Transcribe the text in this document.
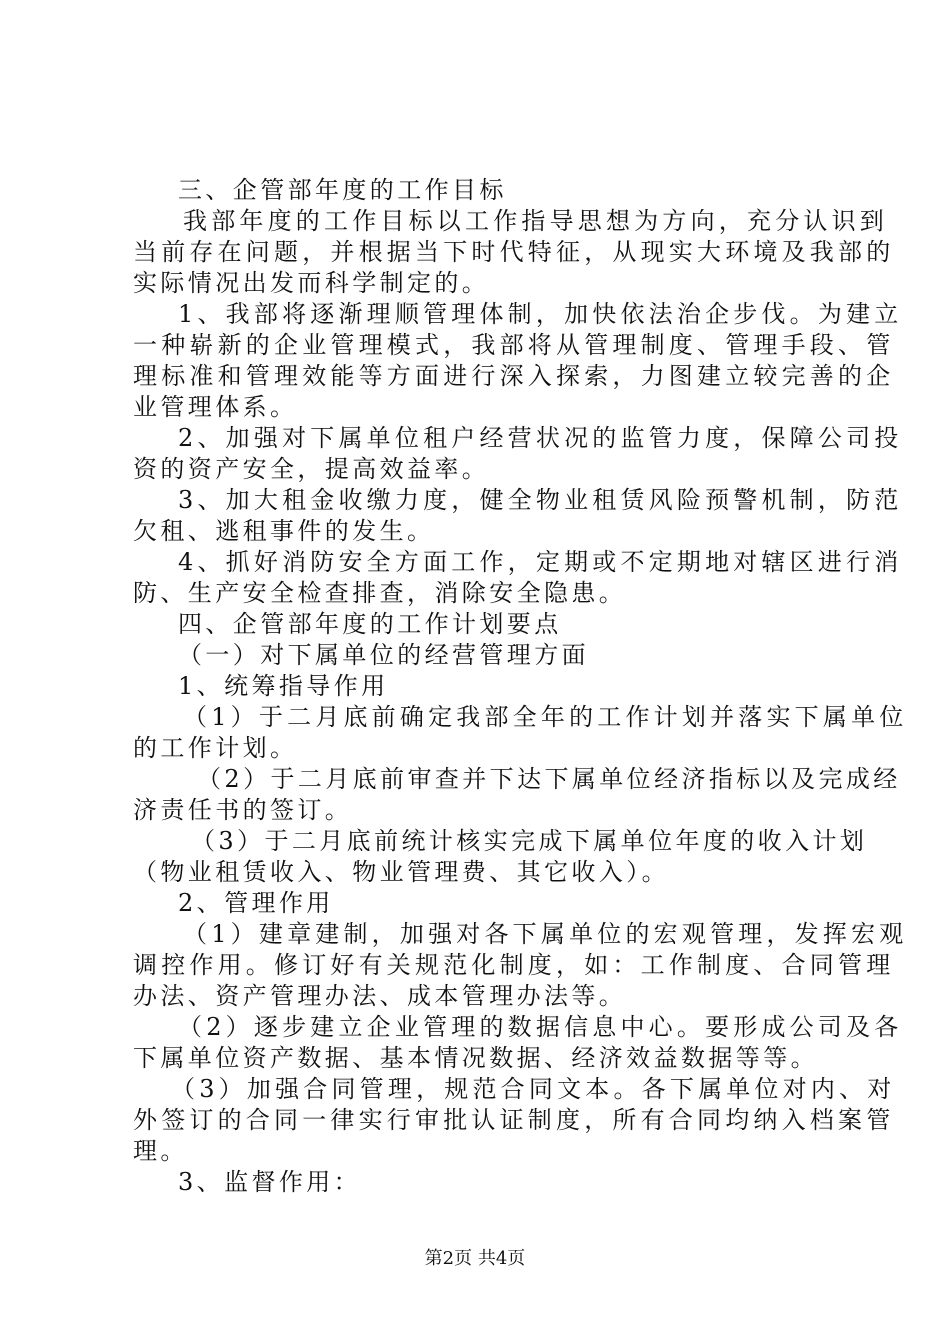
三、企管部年度的工作目标
我部年度的工作目标以工作指导思想为方向，充分认识到
当前存在问题，并根据当下时代特征，从现实大环境及我部的
实际情况出发而科学制定的。
1、我部将逐渐理顺管理体制，加快依法治企步伐。为建立
一种崭新的企业管理模式，我部将从管理制度、管理手段、管
理标准和管理效能等方面进行深入探索，力图建立较完善的企
业管理体系。
2、加强对下属单位租户经营状况的监管力度，保障公司投
资的资产安全，提高效益率。
3、加大租金收缴力度，健全物业租赁风险预警机制，防范
欠租、逃租事件的发生。
4、抓好消防安全方面工作，定期或不定期地对辖区进行消
防、生产安全检查排查，消除安全隐患。
四、企管部年度的工作计划要点
（一）对下属单位的经营管理方面
1、统筹指导作用
（1）于二月底前确定我部全年的工作计划并落实下属单位
的工作计划。
（2）于二月底前审查并下达下属单位经济指标以及完成经
济责任书的签订。
（3）于二月底前统计核实完成下属单位年度的收入计划
（物业租赁收入、物业管理费、其它收入）。
2、管理作用
（1）建章建制，加强对各下属单位的宏观管理，发挥宏观
调控作用。修订好有关规范化制度，如：工作制度、合同管理
办法、资产管理办法、成本管理办法等。
（2）逐步建立企业管理的数据信息中心。要形成公司及各
下属单位资产数据、基本情况数据、经济效益数据等等。
（3）加强合同管理，规范合同文本。各下属单位对内、对
外签订的合同一律实行审批认证制度，所有合同均纳入档案管
理。
3、监督作用：
第2页 共4页
